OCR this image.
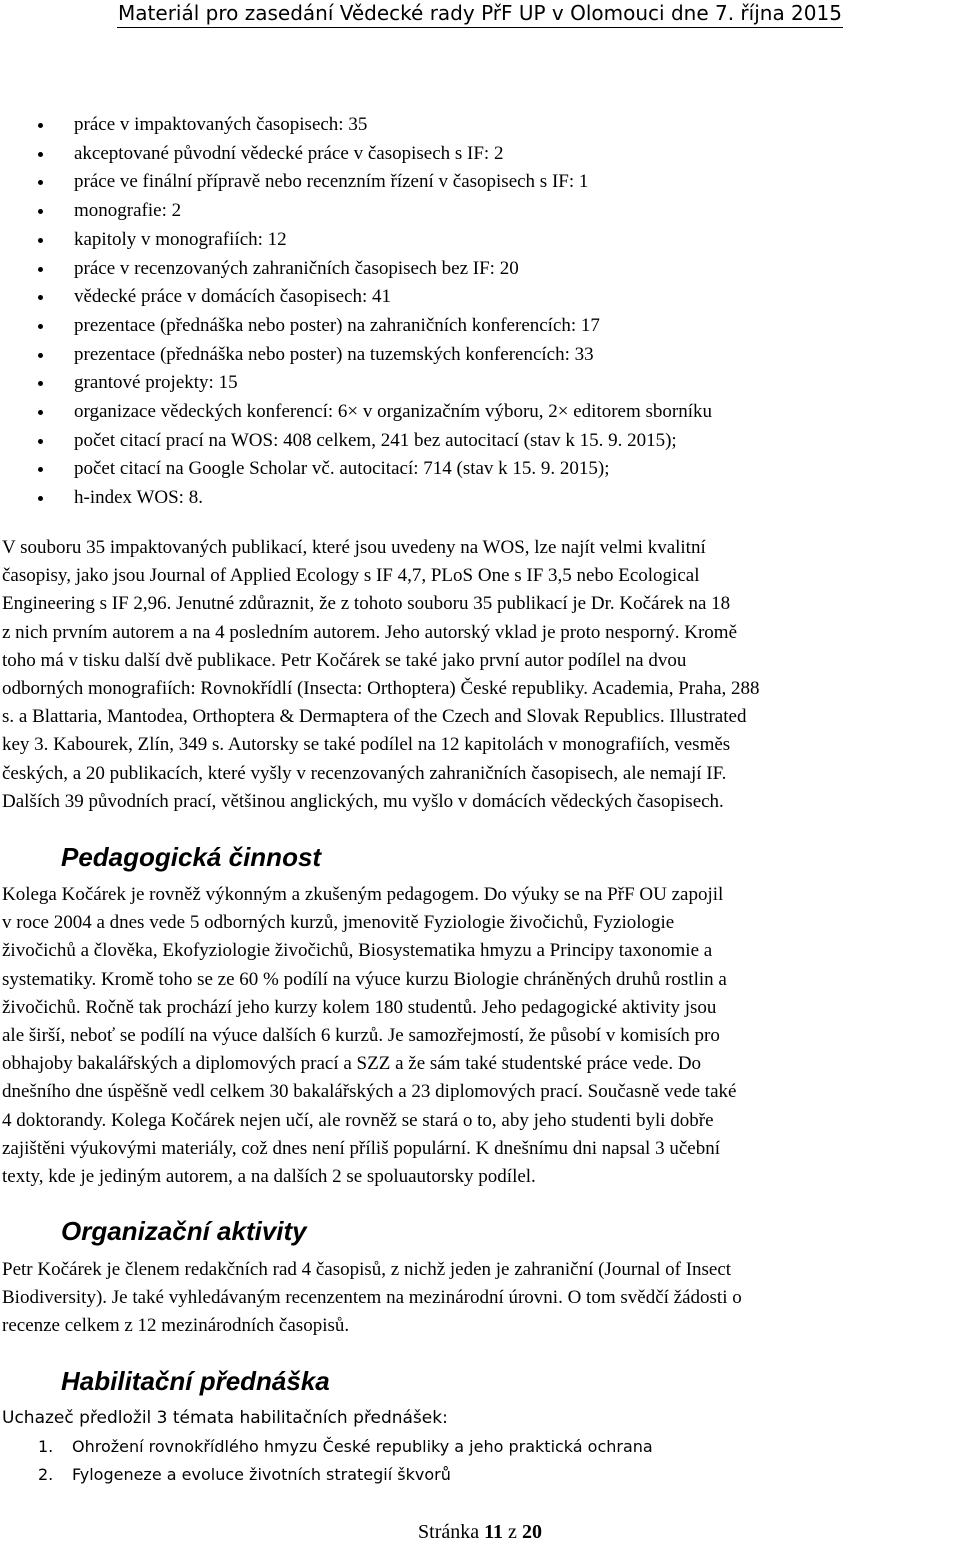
Materiál pro zasedání Vědecké rady PřF UP v Olomouci dne 7. října 2015
práce v impaktovaných časopisech: 35
akceptované původní vědecké práce v časopisech s IF: 2
práce ve finální přípravě nebo recenzním řízení v časopisech s IF: 1
monografie: 2
kapitoly v monografiích: 12
práce v recenzovaných zahraničních časopisech bez IF: 20
vědecké práce v domácích časopisech: 41
prezentace (přednáška nebo poster) na zahraničních konferencích: 17
prezentace (přednáška nebo poster) na tuzemských konferencích: 33
grantové projekty: 15
organizace vědeckých konferencí: 6× v organizačním výboru, 2× editorem sborníku
počet citací prací na WOS: 408 celkem, 241 bez autocitací (stav k 15. 9. 2015);
počet citací na Google Scholar vč. autocitací: 714 (stav k 15. 9. 2015);
h-index WOS: 8.

V souboru 35 impaktovaných publikací, které jsou uvedeny na WOS, lze najít velmi kvalitní
časopisy, jako jsou Journal of Applied Ecology s IF 4,7, PLoS One s IF 3,5 nebo Ecological
Engineering s IF 2,96. Jenutné zdůraznit, že z tohoto souboru 35 publikací je Dr. Kočárek na 18
z nich prvním autorem a na 4 posledním autorem. Jeho autorský vklad je proto nesporný. Kromě
toho má v tisku další dvě publikace. Petr Kočárek se také jako první autor podílel na dvou
odborných monografiích: Rovnokřídlí (Insecta: Orthoptera) České republiky. Academia, Praha, 288
s. a Blattaria, Mantodea, Orthoptera & Dermaptera of the Czech and Slovak Republics. Illustrated
key 3. Kabourek, Zlín, 349 s. Autorsky se také podílel na 12 kapitolách v monografiích, vesměs
českých, a 20 publikacích, které vyšly v recenzovaných zahraničních časopisech, ale nemají IF.
Dalších 39 původních prací, většinou anglických, mu vyšlo v domácích vědeckých časopisech.

Pedagogická činnost

Kolega Kočárek je rovněž výkonným a zkušeným pedagogem. Do výuky se na PřF OU zapojil
v roce 2004 a dnes vede 5 odborných kurzů, jmenovitě Fyziologie živočichů, Fyziologie
živočichů a člověka, Ekofyziologie živočichů, Biosystematika hmyzu a Principy taxonomie a
systematiky. Kromě toho se ze 60 % podílí na výuce kurzu Biologie chráněných druhů rostlin a
živočichů. Ročně tak prochází jeho kurzy kolem 180 studentů. Jeho pedagogické aktivity jsou
ale širší, neboť se podílí na výuce dalších 6 kurzů. Je samozřejmostí, že působí v komisích pro
obhajoby bakalářských a diplomových prací a SZZ a že sám také studentské práce vede. Do
dnešního dne úspěšně vedl celkem 30 bakalářských a 23 diplomových prací. Současně vede také
4 doktorandy. Kolega Kočárek nejen učí, ale rovněž se stará o to, aby jeho studenti byli dobře
zajištěni výukovými materiály, což dnes není příliš populární. K dnešnímu dni napsal 3 učební
texty, kde je jediným autorem, a na dalších 2 se spoluautorsky podílel.

Organizační aktivity

Petr Kočárek je členem redakčních rad 4 časopisů, z nichž jeden je zahraniční (Journal of Insect
Biodiversity). Je také vyhledávaným recenzentem na mezinárodní úrovni. O tom svědčí žádosti o
recenze celkem z 12 mezinárodních časopisů.

Habilitační přednáška

Uchazeč předložil 3 témata habilitačních přednášek:

1. Ohrožení rovnokřídlého hmyzu České republiky a jeho praktická ochrana
2. Fylogeneze a evoluce životních strategií škvorů
Stránka 11 z 20
